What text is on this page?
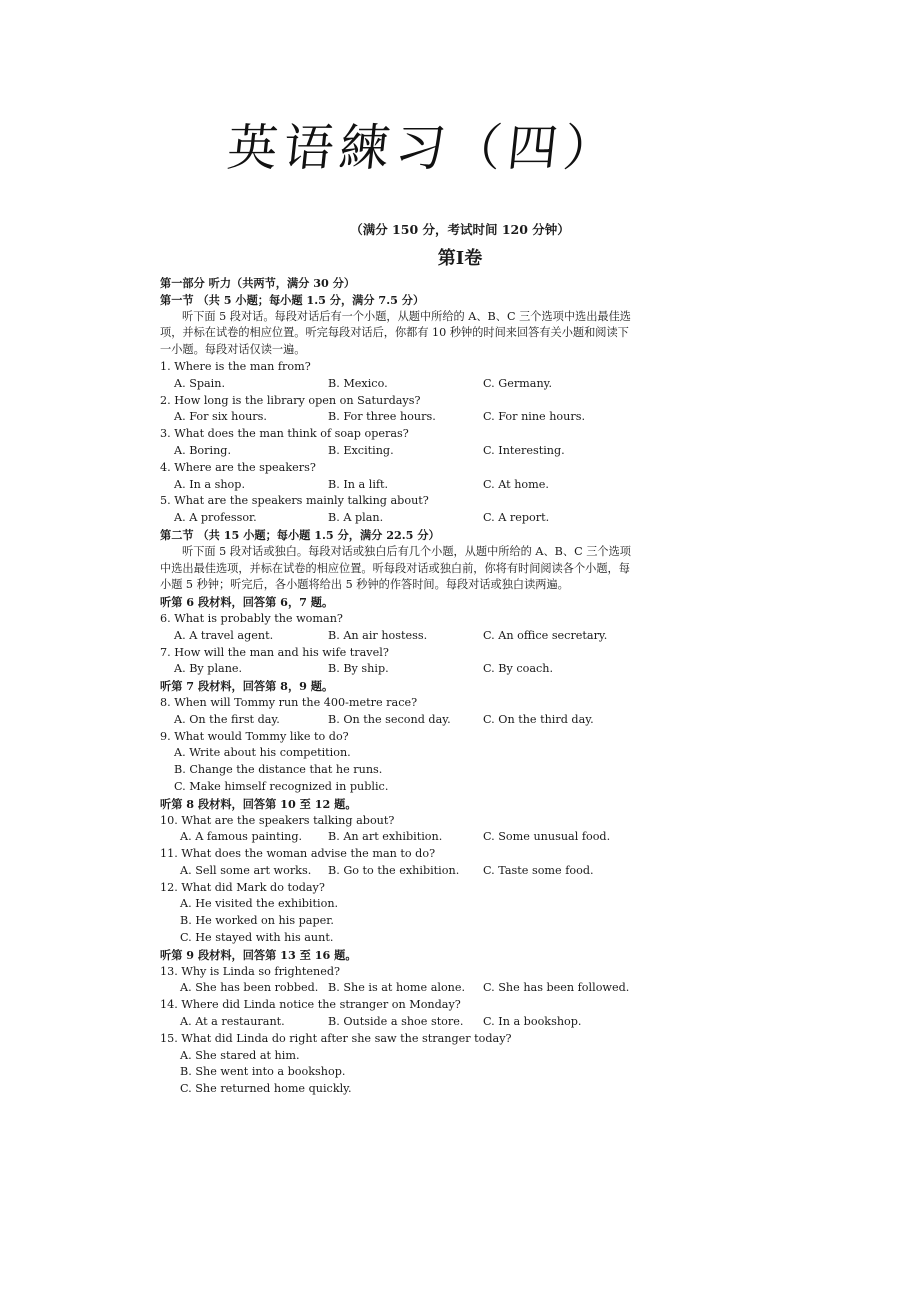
英语練习（四）
（满分 150 分，考试时间 120 分钟）
第Ⅰ卷
第一部分 听力（共两节，满分 30 分）
第一节 （共 5 小题；每小题 1.5 分，满分 7.5 分）
听下面 5 段对话。每段对话后有一个小题，从题中所给的 A、B、C 三个选项中选出最佳选
项，并标在试卷的相应位置。听完每段对话后，你都有 10 秒钟的时间来回答有关小题和阅读下
一小题。每段对话仅读一遍。
1. Where is the man from?
A. Spain.	B. Mexico.	C. Germany.
2. How long is the library open on Saturdays?
A. For six hours.	B. For three hours.	C. For nine hours.
3. What does the man think of soap operas?
A. Boring.	B. Exciting.	C. Interesting.
4. Where are the speakers?
A. In a shop.	B. In a lift.	C. At home.
5. What are the speakers mainly talking about?
A. A professor.	B. A plan.	C. A report.
第二节 （共 15 小题；每小题 1.5 分，满分 22.5 分）
听下面 5 段对话或独白。每段对话或独白后有几个小题，从题中所给的 A、B、C 三个选项
中选出最佳选项，并标在试卷的相应位置。听每段对话或独白前，你将有时间阅读各个小题，每
小题 5 秒钟；听完后，各小题将给出 5 秒钟的作答时间。每段对话或独白读两遍。
听第 6 段材料，回答第 6，7 题。
6. What is probably the woman?
A. A travel agent.	B. An air hostess.	C. An office secretary.
7. How will the man and his wife travel?
A. By plane.	B. By ship.	C. By coach.
听第 7 段材料，回答第 8，9 题。
8. When will Tommy run the 400-metre race?
A. On the first day.	B. On the second day.	C. On the third day.
9. What would Tommy like to do?
A. Write about his competition.
B. Change the distance that he runs.
C. Make himself recognized in public.
听第 8 段材料，回答第 10 至 12 题。
10. What are the speakers talking about?
A. A famous painting. B. An art exhibition.	C. Some unusual food.
11. What does the woman advise the man to do?
A. Sell some art works. B. Go to the exhibition. C. Taste some food.
12. What did Mark do today?
A. He visited the exhibition.
B. He worked on his paper.
C. He stayed with his aunt.
听第 9 段材料，回答第 13 至 16 题。
13. Why is Linda so frightened?
A. She has been robbed. B. She is at home alone. C. She has been followed.
14. Where did Linda notice the stranger on Monday?
A. At a restaurant.	B. Outside a shoe store. C. In a bookshop.
15. What did Linda do right after she saw the stranger today?
A. She stared at him.
B. She went into a bookshop.
C. She returned home quickly.
